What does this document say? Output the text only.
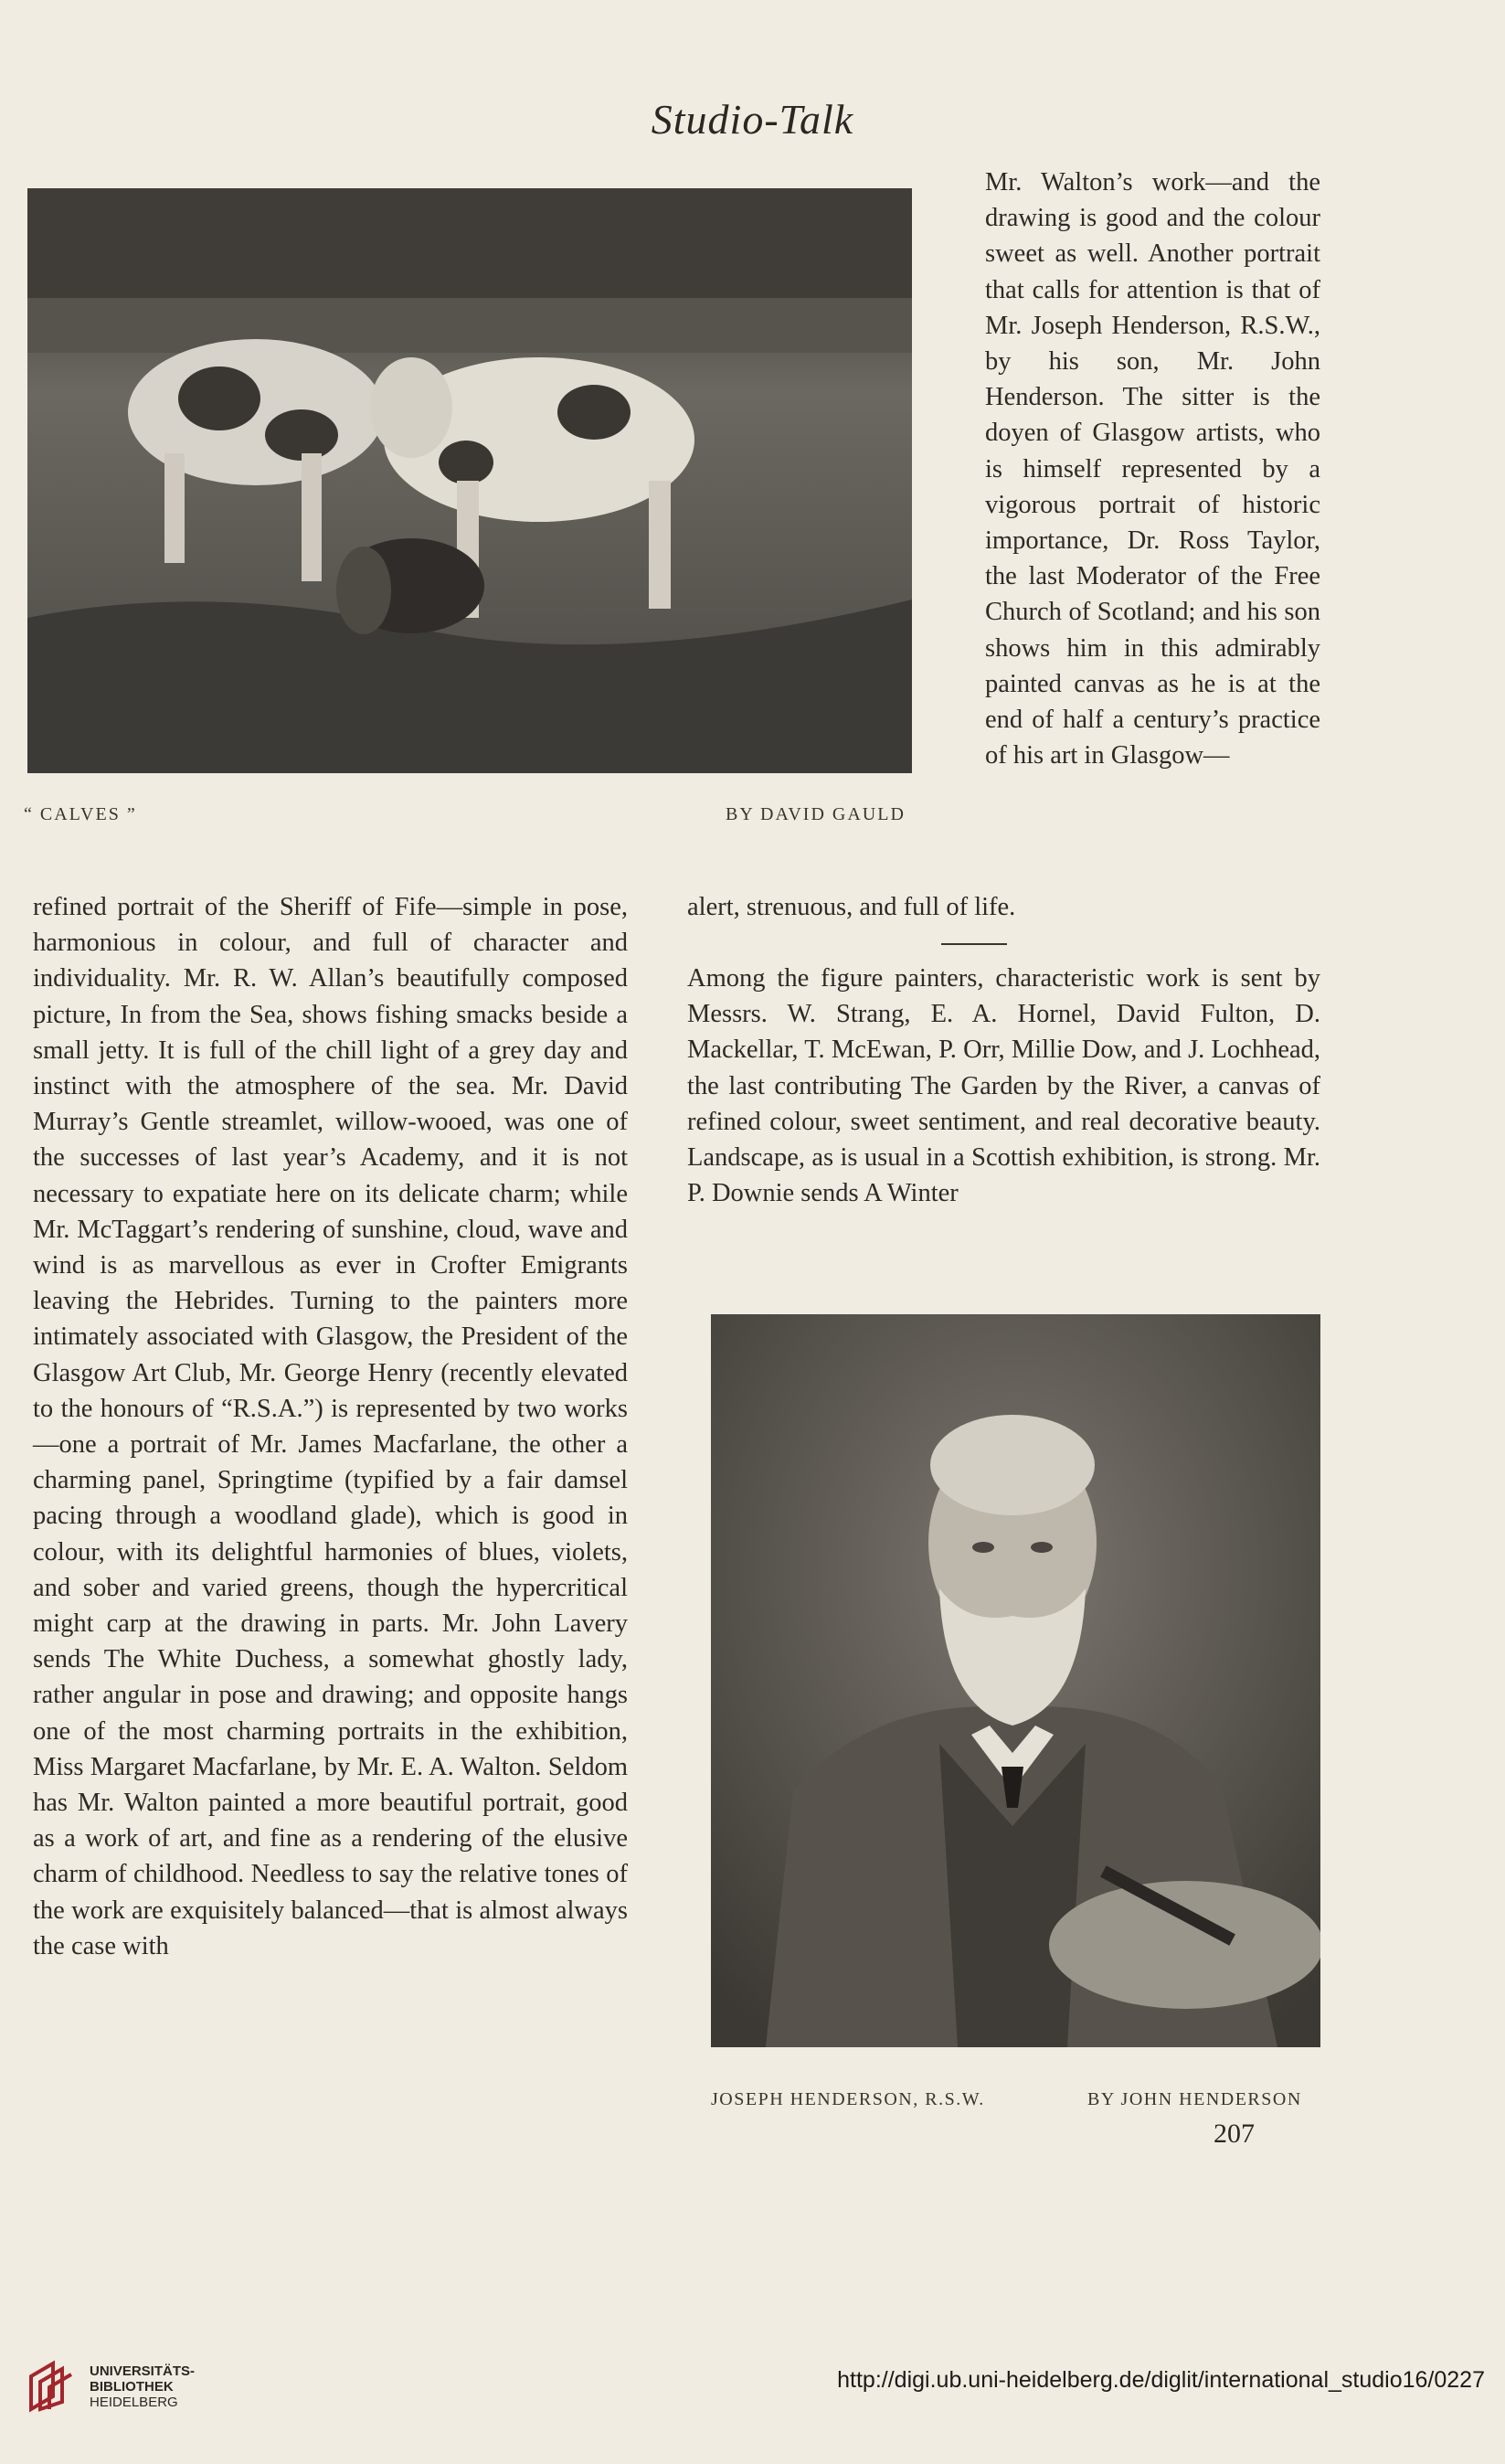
Studio-Talk
“ CALVES ”	BY DAVID GAULD

Mr. Walton’s work—and the drawing is good and the colour sweet as well. Another portrait that calls for attention is that of Mr. Joseph Henderson, R.S.W., by his son, Mr. John Henderson. The sitter is the doyen of Glasgow artists, who is himself represented by a vigorous portrait of historic importance, Dr. Ross Taylor, the last Moderator of the Free Church of Scotland; and his son shows him in this admirably painted canvas as he is at the end of half a century’s practice of his art in Glasgow—

alert, strenuous, and full of life.

Among the figure painters, characteristic work is sent by Messrs. W. Strang, E. A. Hornel, David Fulton, D. Mackellar, T. McEwan, P. Orr, Millie Dow, and J. Lochhead, the last contributing The Garden by the River, a canvas of refined colour, sweet sentiment, and real decorative beauty. Landscape, as is usual in a Scottish exhibition, is strong. Mr. P. Downie sends A Winter

refined portrait of the Sheriff of Fife—simple in pose, harmonious in colour, and full of character and individuality. Mr. R. W. Allan’s beautifully composed picture, In from the Sea, shows fishing smacks beside a small jetty. It is full of the chill light of a grey day and instinct with the atmosphere of the sea. Mr. David Murray’s Gentle streamlet, willow-wooed, was one of the successes of last year’s Academy, and it is not necessary to expatiate here on its delicate charm; while Mr. McTaggart’s rendering of sunshine, cloud, wave and wind is as marvellous as ever in Crofter Emigrants leaving the Hebrides. Turning to the painters more intimately associated with Glasgow, the President of the Glasgow Art Club, Mr. George Henry (recently elevated to the honours of “R.S.A.”) is represented by two works—one a portrait of Mr. James Macfarlane, the other a charming panel, Springtime (typified by a fair damsel pacing through a woodland glade), which is good in colour, with its delightful harmonies of blues, violets, and sober and varied greens, though the hypercritical might carp at the drawing in parts. Mr. John Lavery sends The White Duchess, a somewhat ghostly lady, rather angular in pose and drawing; and opposite hangs one of the most charming portraits in the exhibition, Miss Margaret Macfarlane, by Mr. E. A. Walton. Seldom has Mr. Walton painted a more beautiful portrait, good as a work of art, and fine as a rendering of the elusive charm of childhood. Needless to say the relative tones of the work are exquisitely balanced—that is almost always the case with

JOSEPH HENDERSON, R.S.W.	BY JOHN HENDERSON
207
UNIVERSITÄTS-
BIBLIOTHEK
HEIDELBERG
http://digi.ub.uni-heidelberg.de/diglit/international_studio16/0227
